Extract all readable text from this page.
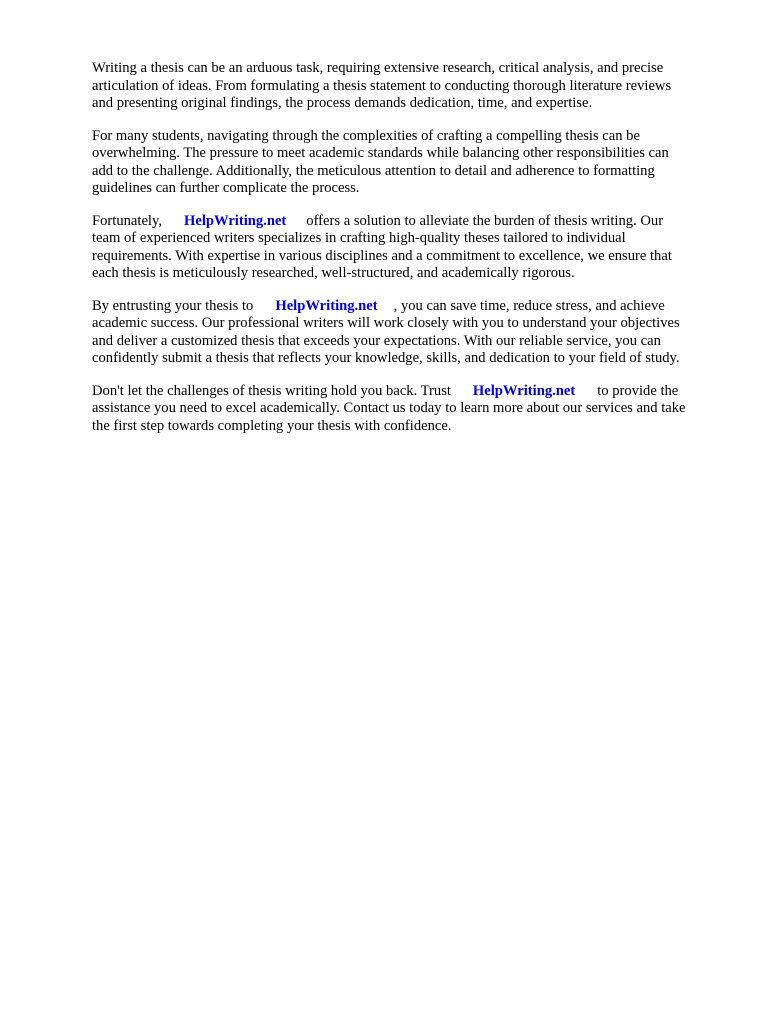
Writing a thesis can be an arduous task, requiring extensive research, critical analysis, and precise
articulation of ideas. From formulating a thesis statement to conducting thorough literature reviews
and presenting original findings, the process demands dedication, time, and expertise.

For many students, navigating through the complexities of crafting a compelling thesis can be
overwhelming. The pressure to meet academic standards while balancing other responsibilities can
add to the challenge. Additionally, the meticulous attention to detail and adherence to formatting
guidelines can further complicate the process.

Fortunately, HelpWriting.net offers a solution to alleviate the burden of thesis writing. Our
team of experienced writers specializes in crafting high-quality theses tailored to individual
requirements. With expertise in various disciplines and a commitment to excellence, we ensure that
each thesis is meticulously researched, well-structured, and academically rigorous.

By entrusting your thesis to HelpWriting.net , you can save time, reduce stress, and achieve
academic success. Our professional writers will work closely with you to understand your objectives
and deliver a customized thesis that exceeds your expectations. With our reliable service, you can
confidently submit a thesis that reflects your knowledge, skills, and dedication to your field of study.

Don't let the challenges of thesis writing hold you back. Trust HelpWriting.net to provide the
assistance you need to excel academically. Contact us today to learn more about our services and take
the first step towards completing your thesis with confidence.
